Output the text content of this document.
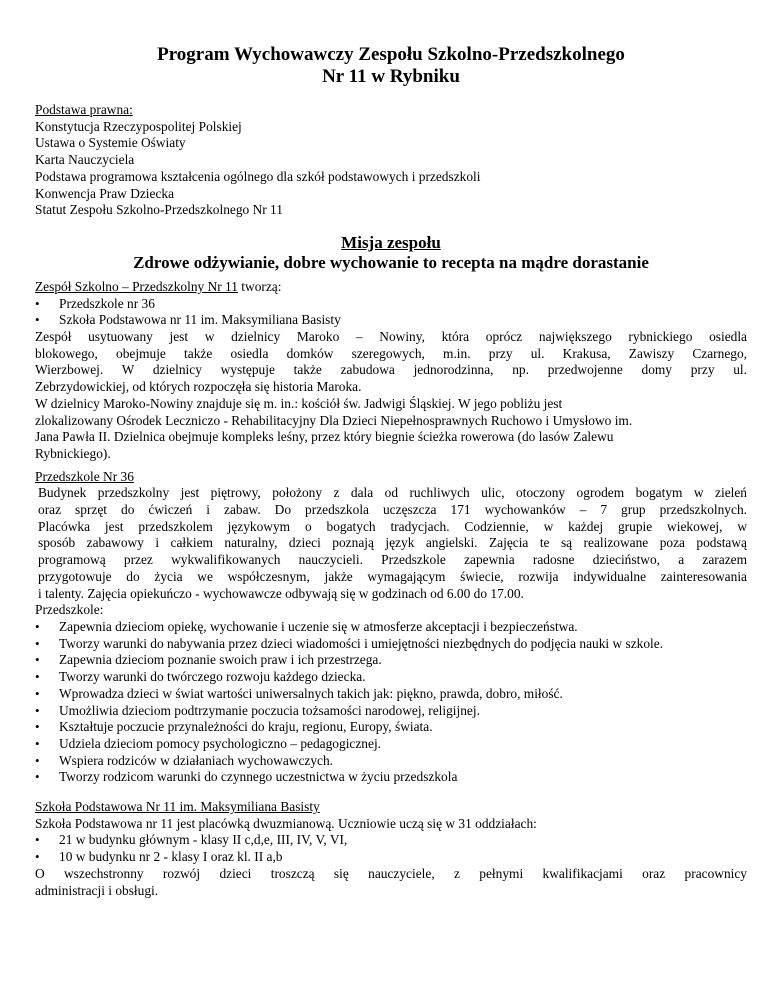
Program Wychowawczy Zespołu Szkolno-Przedszkolnego
Nr 11 w Rybniku
Podstawa prawna:
Konstytucja Rzeczypospolitej Polskiej
Ustawa o Systemie Oświaty
Karta Nauczyciela
Podstawa programowa kształcenia ogólnego dla szkół podstawowych i przedszkoli
Konwencja Praw Dziecka
Statut Zespołu Szkolno-Przedszkolnego Nr 11
Misja zespołu
Zdrowe odżywianie, dobre wychowanie to recepta na mądre dorastanie
Zespół Szkolno – Przedszkolny Nr 11 tworzą:
• Przedszkole nr 36
• Szkoła Podstawowa nr 11 im. Maksymiliana Basisty
Zespół usytuowany jest w dzielnicy Maroko – Nowiny, która oprócz największego rybnickiego osiedla
blokowego, obejmuje także osiedla domków szeregowych, m.in. przy ul. Krakusa, Zawiszy Czarnego,
Wierzbowej. W dzielnicy występuje także zabudowa jednorodzinna, np. przedwojenne domy przy ul.
Zebrzydowickiej, od których rozpoczęła się historia Maroka.
W dzielnicy Maroko-Nowiny znajduje się m. in.: kościół św. Jadwigi Śląskiej. W jego pobliżu jest
zlokalizowany Ośrodek Leczniczo - Rehabilitacyjny Dla Dzieci Niepełnosprawnych Ruchowo i Umysłowo im.
Jana Pawła II. Dzielnica obejmuje kompleks leśny, przez który biegnie ścieżka rowerowa (do lasów Zalewu
Rybnickiego).
Przedszkole Nr 36
Budynek przedszkolny jest piętrowy, położony z dala od ruchliwych ulic, otoczony ogrodem bogatym w zieleń
oraz sprzęt do ćwiczeń i zabaw. Do przedszkola uczęszcza 171 wychowanków – 7 grup przedszkolnych.
Placówka jest przedszkolem językowym o bogatych tradycjach. Codziennie, w każdej grupie wiekowej, w
sposób zabawowy i całkiem naturalny, dzieci poznają język angielski. Zajęcia te są realizowane poza podstawą
programową przez wykwalifikowanych nauczycieli. Przedszkole zapewnia radosne dzieciństwo, a zarazem
przygotowuje do życia we współczesnym, jakże wymagającym świecie, rozwija indywidualne zainteresowania
i talenty. Zajęcia opiekuńczo - wychowawcze odbywają się w godzinach od 6.00 do 17.00.
Przedszkole:
• Zapewnia dzieciom opiekę, wychowanie i uczenie się w atmosferze akceptacji i bezpieczeństwa.
• Tworzy warunki do nabywania przez dzieci wiadomości i umiejętności niezbędnych do podjęcia nauki w szkole.
• Zapewnia dzieciom poznanie swoich praw i ich przestrzega.
• Tworzy warunki do twórczego rozwoju każdego dziecka.
• Wprowadza dzieci w świat wartości uniwersalnych takich jak: piękno, prawda, dobro, miłość.
• Umożliwia dzieciom podtrzymanie poczucia tożsamości narodowej, religijnej.
• Kształtuje poczucie przynależności do kraju, regionu, Europy, świata.
• Udziela dzieciom pomocy psychologiczno – pedagogicznej.
• Wspiera rodziców w działaniach wychowawczych.
• Tworzy rodzicom warunki do czynnego uczestnictwa w życiu przedszkola
Szkoła Podstawowa Nr 11 im. Maksymiliana Basisty
Szkoła Podstawowa nr 11 jest placówką dwuzmianową. Uczniowie uczą się w 31 oddziałach:
• 21 w budynku głównym - klasy II c,d,e, III, IV, V, VI,
• 10 w budynku nr 2 - klasy I oraz kl. II a,b
O wszechstronny rozwój dzieci troszczą się nauczyciele, z pełnymi kwalifikacjami oraz pracownicy
administracji i obsługi.
